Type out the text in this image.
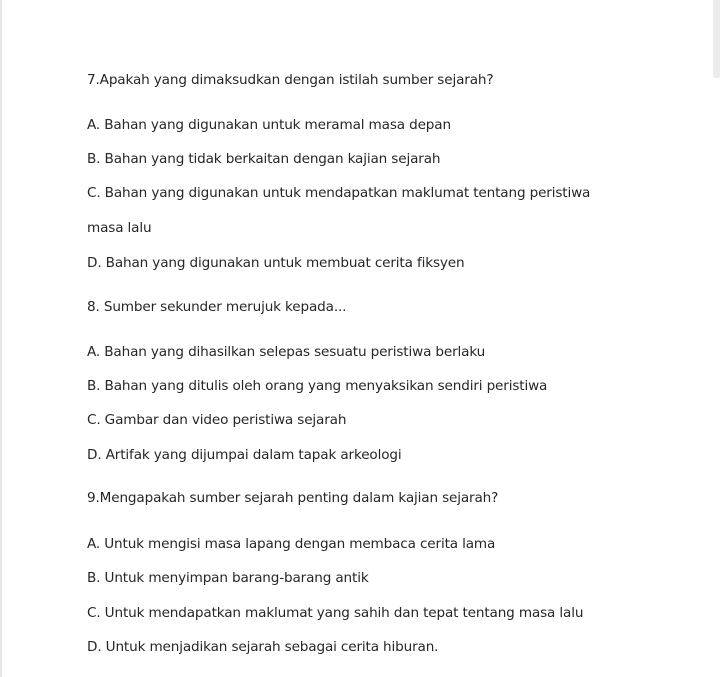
7.Apakah yang dimaksudkan dengan istilah sumber sejarah?
A. Bahan yang digunakan untuk meramal masa depan
B. Bahan yang tidak berkaitan dengan kajian sejarah
C. Bahan yang digunakan untuk mendapatkan maklumat tentang peristiwa
masa lalu
D. Bahan yang digunakan untuk membuat cerita fiksyen
8. Sumber sekunder merujuk kepada...
A. Bahan yang dihasilkan selepas sesuatu peristiwa berlaku
B. Bahan yang ditulis oleh orang yang menyaksikan sendiri peristiwa
C. Gambar dan video peristiwa sejarah
D. Artifak yang dijumpai dalam tapak arkeologi
9.Mengapakah sumber sejarah penting dalam kajian sejarah?
A. Untuk mengisi masa lapang dengan membaca cerita lama
B. Untuk menyimpan barang-barang antik
C. Untuk mendapatkan maklumat yang sahih dan tepat tentang masa lalu
D. Untuk menjadikan sejarah sebagai cerita hiburan.
